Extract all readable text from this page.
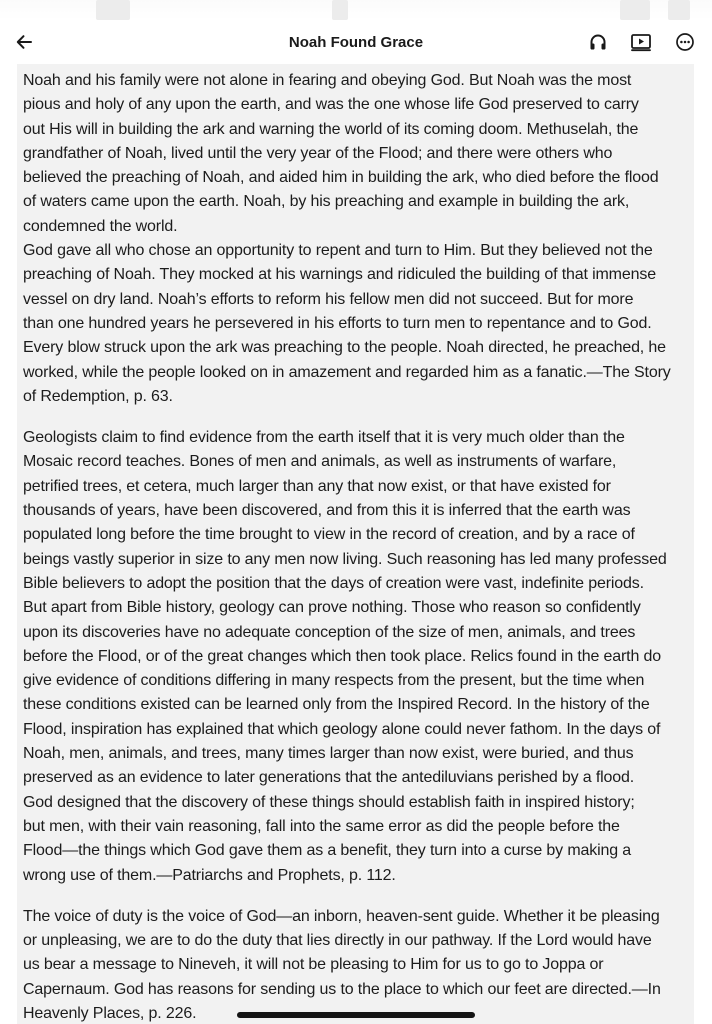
Noah Found Grace

Noah and his family were not alone in fearing and obeying God. But Noah was the most
pious and holy of any upon the earth, and was the one whose life God preserved to carry
out His will in building the ark and warning the world of its coming doom. Methuselah, the
grandfather of Noah, lived until the very year of the Flood; and there were others who
believed the preaching of Noah, and aided him in building the ark, who died before the flood
of waters came upon the earth. Noah, by his preaching and example in building the ark,
condemned the world.
God gave all who chose an opportunity to repent and turn to Him. But they believed not the
preaching of Noah. They mocked at his warnings and ridiculed the building of that immense
vessel on dry land. Noah’s efforts to reform his fellow men did not succeed. But for more
than one hundred years he persevered in his efforts to turn men to repentance and to God.
Every blow struck upon the ark was preaching to the people. Noah directed, he preached, he
worked, while the people looked on in amazement and regarded him as a fanatic.—The Story
of Redemption, p. 63.

Geologists claim to find evidence from the earth itself that it is very much older than the
Mosaic record teaches. Bones of men and animals, as well as instruments of warfare,
petrified trees, et cetera, much larger than any that now exist, or that have existed for
thousands of years, have been discovered, and from this it is inferred that the earth was
populated long before the time brought to view in the record of creation, and by a race of
beings vastly superior in size to any men now living. Such reasoning has led many professed
Bible believers to adopt the position that the days of creation were vast, indefinite periods.
But apart from Bible history, geology can prove nothing. Those who reason so confidently
upon its discoveries have no adequate conception of the size of men, animals, and trees
before the Flood, or of the great changes which then took place. Relics found in the earth do
give evidence of conditions differing in many respects from the present, but the time when
these conditions existed can be learned only from the Inspired Record. In the history of the
Flood, inspiration has explained that which geology alone could never fathom. In the days of
Noah, men, animals, and trees, many times larger than now exist, were buried, and thus
preserved as an evidence to later generations that the antediluvians perished by a flood.
God designed that the discovery of these things should establish faith in inspired history;
but men, with their vain reasoning, fall into the same error as did the people before the
Flood—the things which God gave them as a benefit, they turn into a curse by making a
wrong use of them.—Patriarchs and Prophets, p. 112.

The voice of duty is the voice of God—an inborn, heaven-sent guide. Whether it be pleasing
or unpleasing, we are to do the duty that lies directly in our pathway. If the Lord would have
us bear a message to Nineveh, it will not be pleasing to Him for us to go to Joppa or
Capernaum. God has reasons for sending us to the place to which our feet are directed.—In
Heavenly Places, p. 226.
